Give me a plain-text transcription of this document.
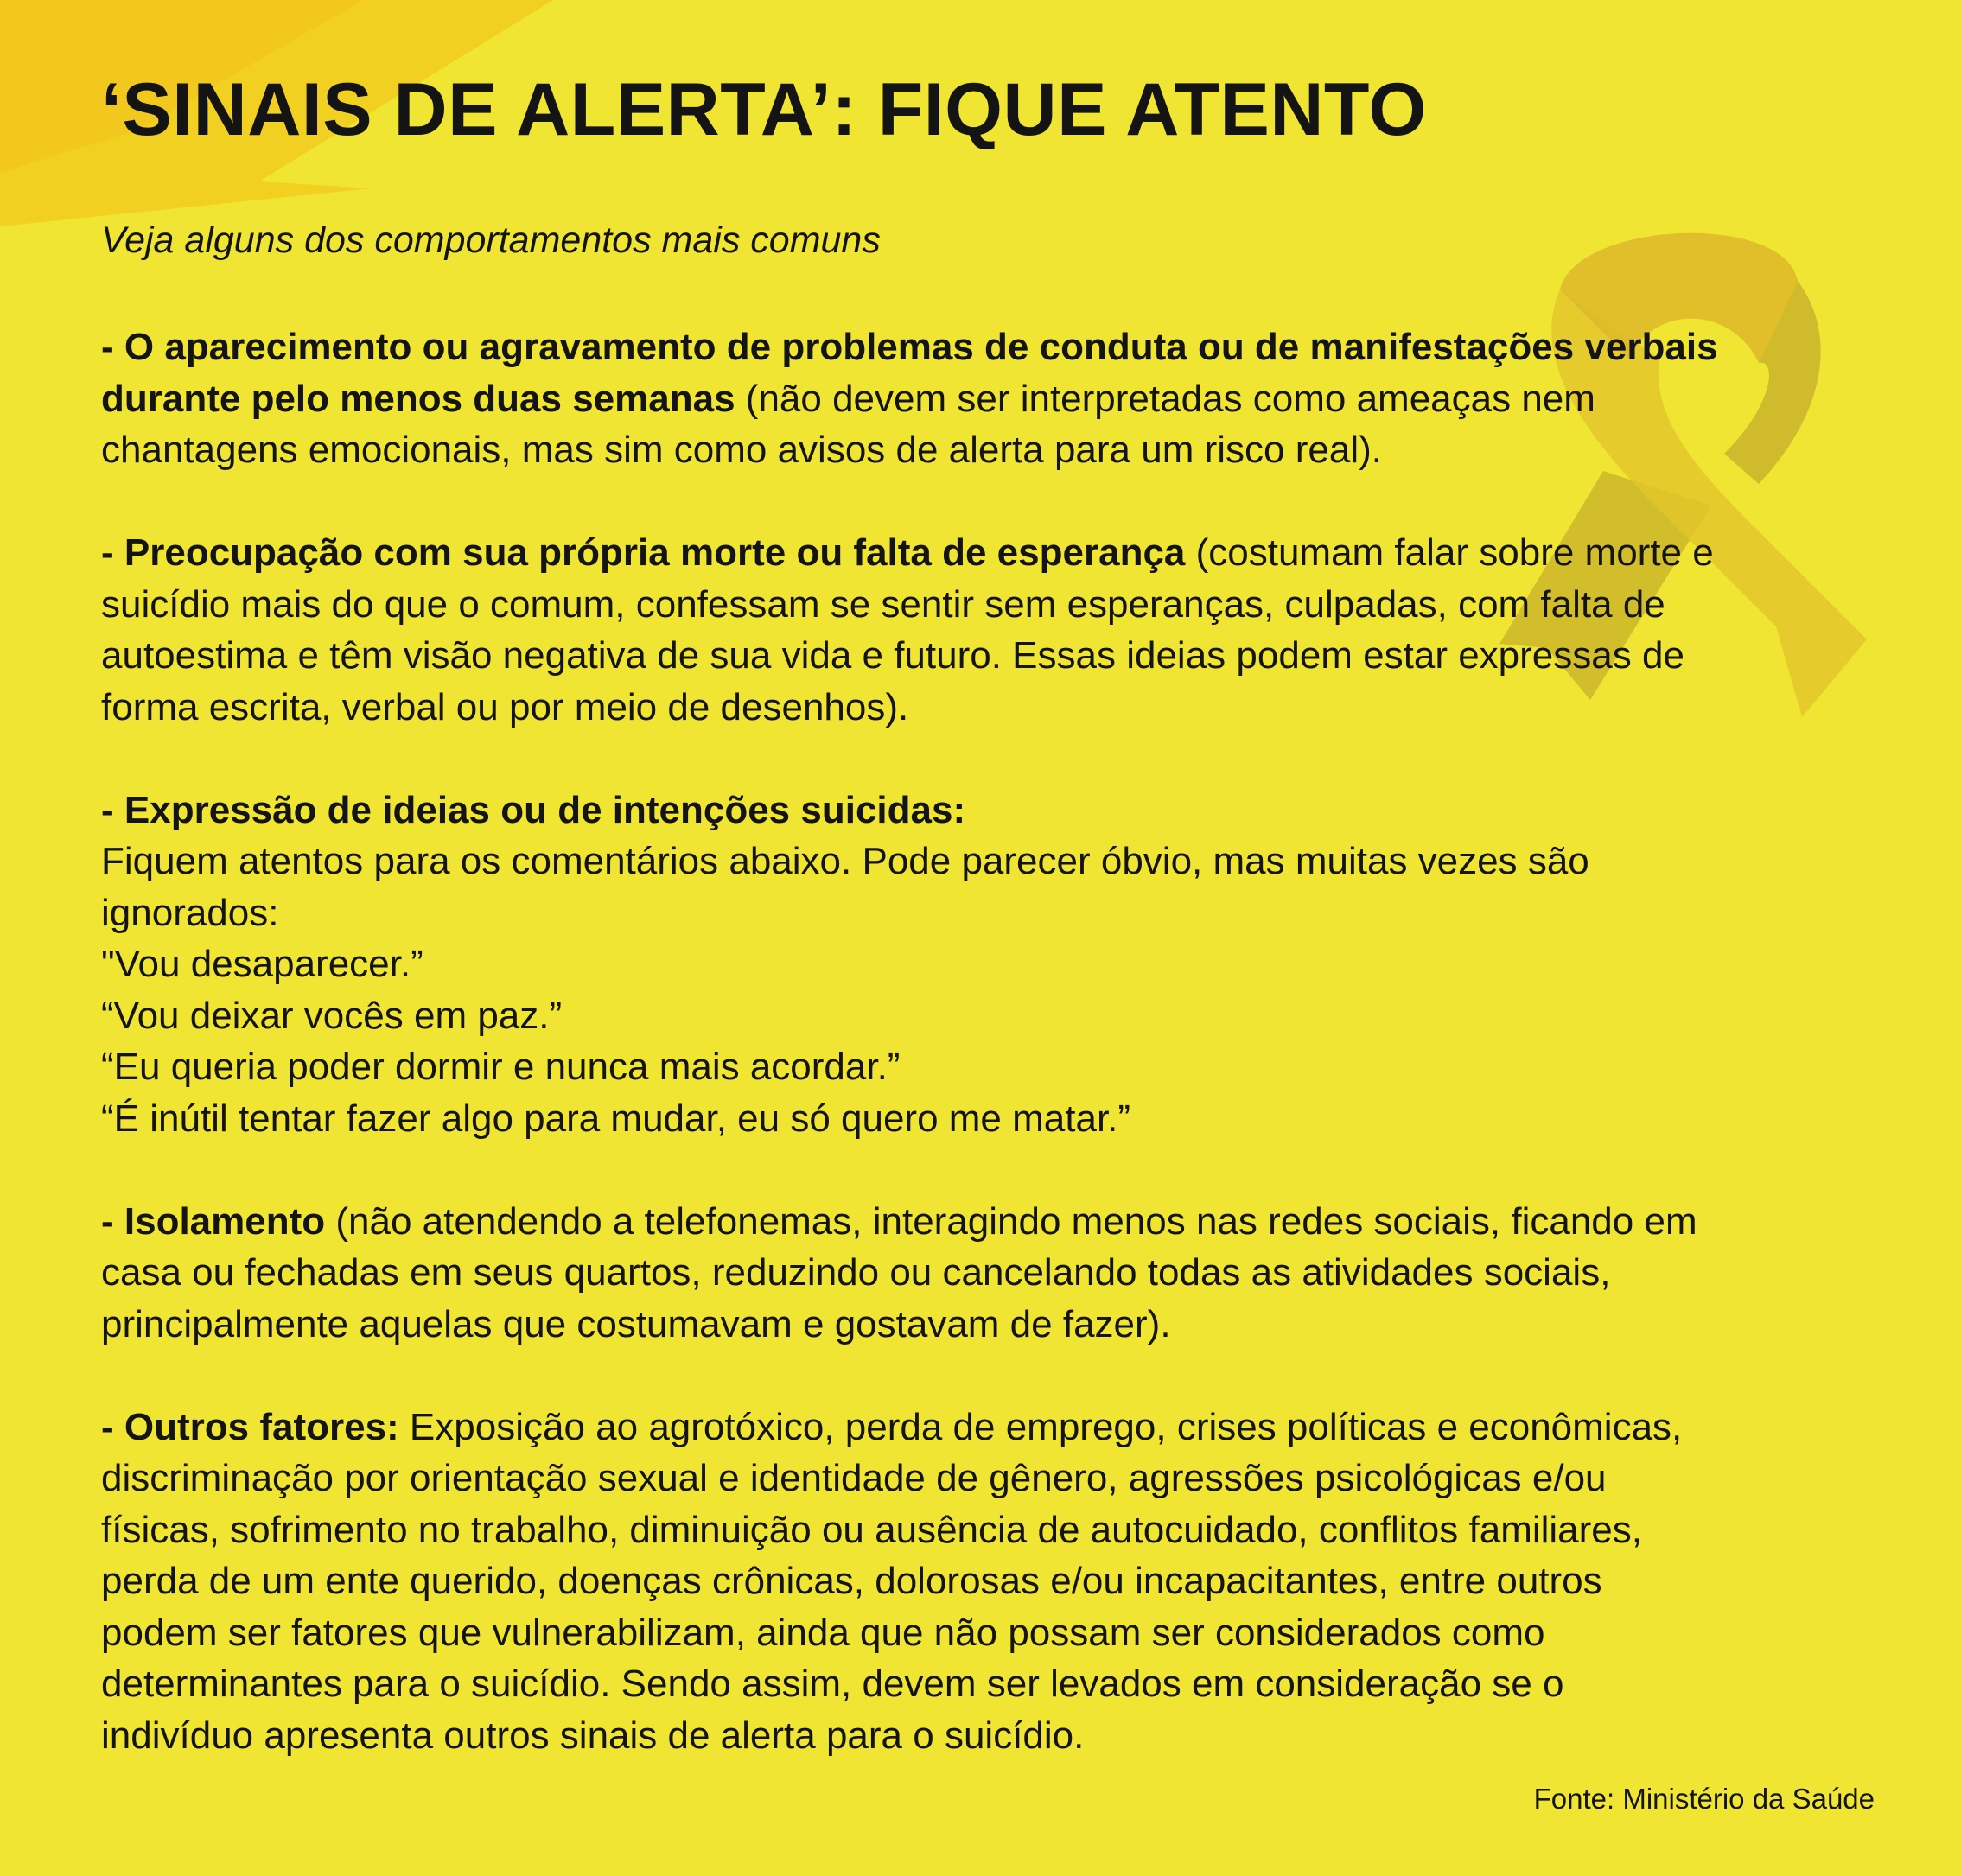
‘SINAIS DE ALERTA’: FIQUE ATENTO

Veja alguns dos comportamentos mais comuns

- O aparecimento ou agravamento de problemas de conduta ou de manifestações verbais
durante pelo menos duas semanas (não devem ser interpretadas como ameaças nem
chantagens emocionais, mas sim como avisos de alerta para um risco real).
- Preocupação com sua própria morte ou falta de esperança (costumam falar sobre morte e
suicídio mais do que o comum, confessam se sentir sem esperanças, culpadas, com falta de
autoestima e têm visão negativa de sua vida e futuro. Essas ideias podem estar expressas de
forma escrita, verbal ou por meio de desenhos).
- Expressão de ideias ou de intenções suicidas:
Fiquem atentos para os comentários abaixo. Pode parecer óbvio, mas muitas vezes são
ignorados:
"Vou desaparecer.”
“Vou deixar vocês em paz.”
“Eu queria poder dormir e nunca mais acordar.”
“É inútil tentar fazer algo para mudar, eu só quero me matar.”
- Isolamento (não atendendo a telefonemas, interagindo menos nas redes sociais, ficando em
casa ou fechadas em seus quartos, reduzindo ou cancelando todas as atividades sociais,
principalmente aquelas que costumavam e gostavam de fazer).
- Outros fatores: Exposição ao agrotóxico, perda de emprego, crises políticas e econômicas,
discriminação por orientação sexual e identidade de gênero, agressões psicológicas e/ou
físicas, sofrimento no trabalho, diminuição ou ausência de autocuidado, conflitos familiares,
perda de um ente querido, doenças crônicas, dolorosas e/ou incapacitantes, entre outros
podem ser fatores que vulnerabilizam, ainda que não possam ser considerados como
determinantes para o suicídio. Sendo assim, devem ser levados em consideração se o
indivíduo apresenta outros sinais de alerta para o suicídio.
Fonte: Ministério da Saúde
